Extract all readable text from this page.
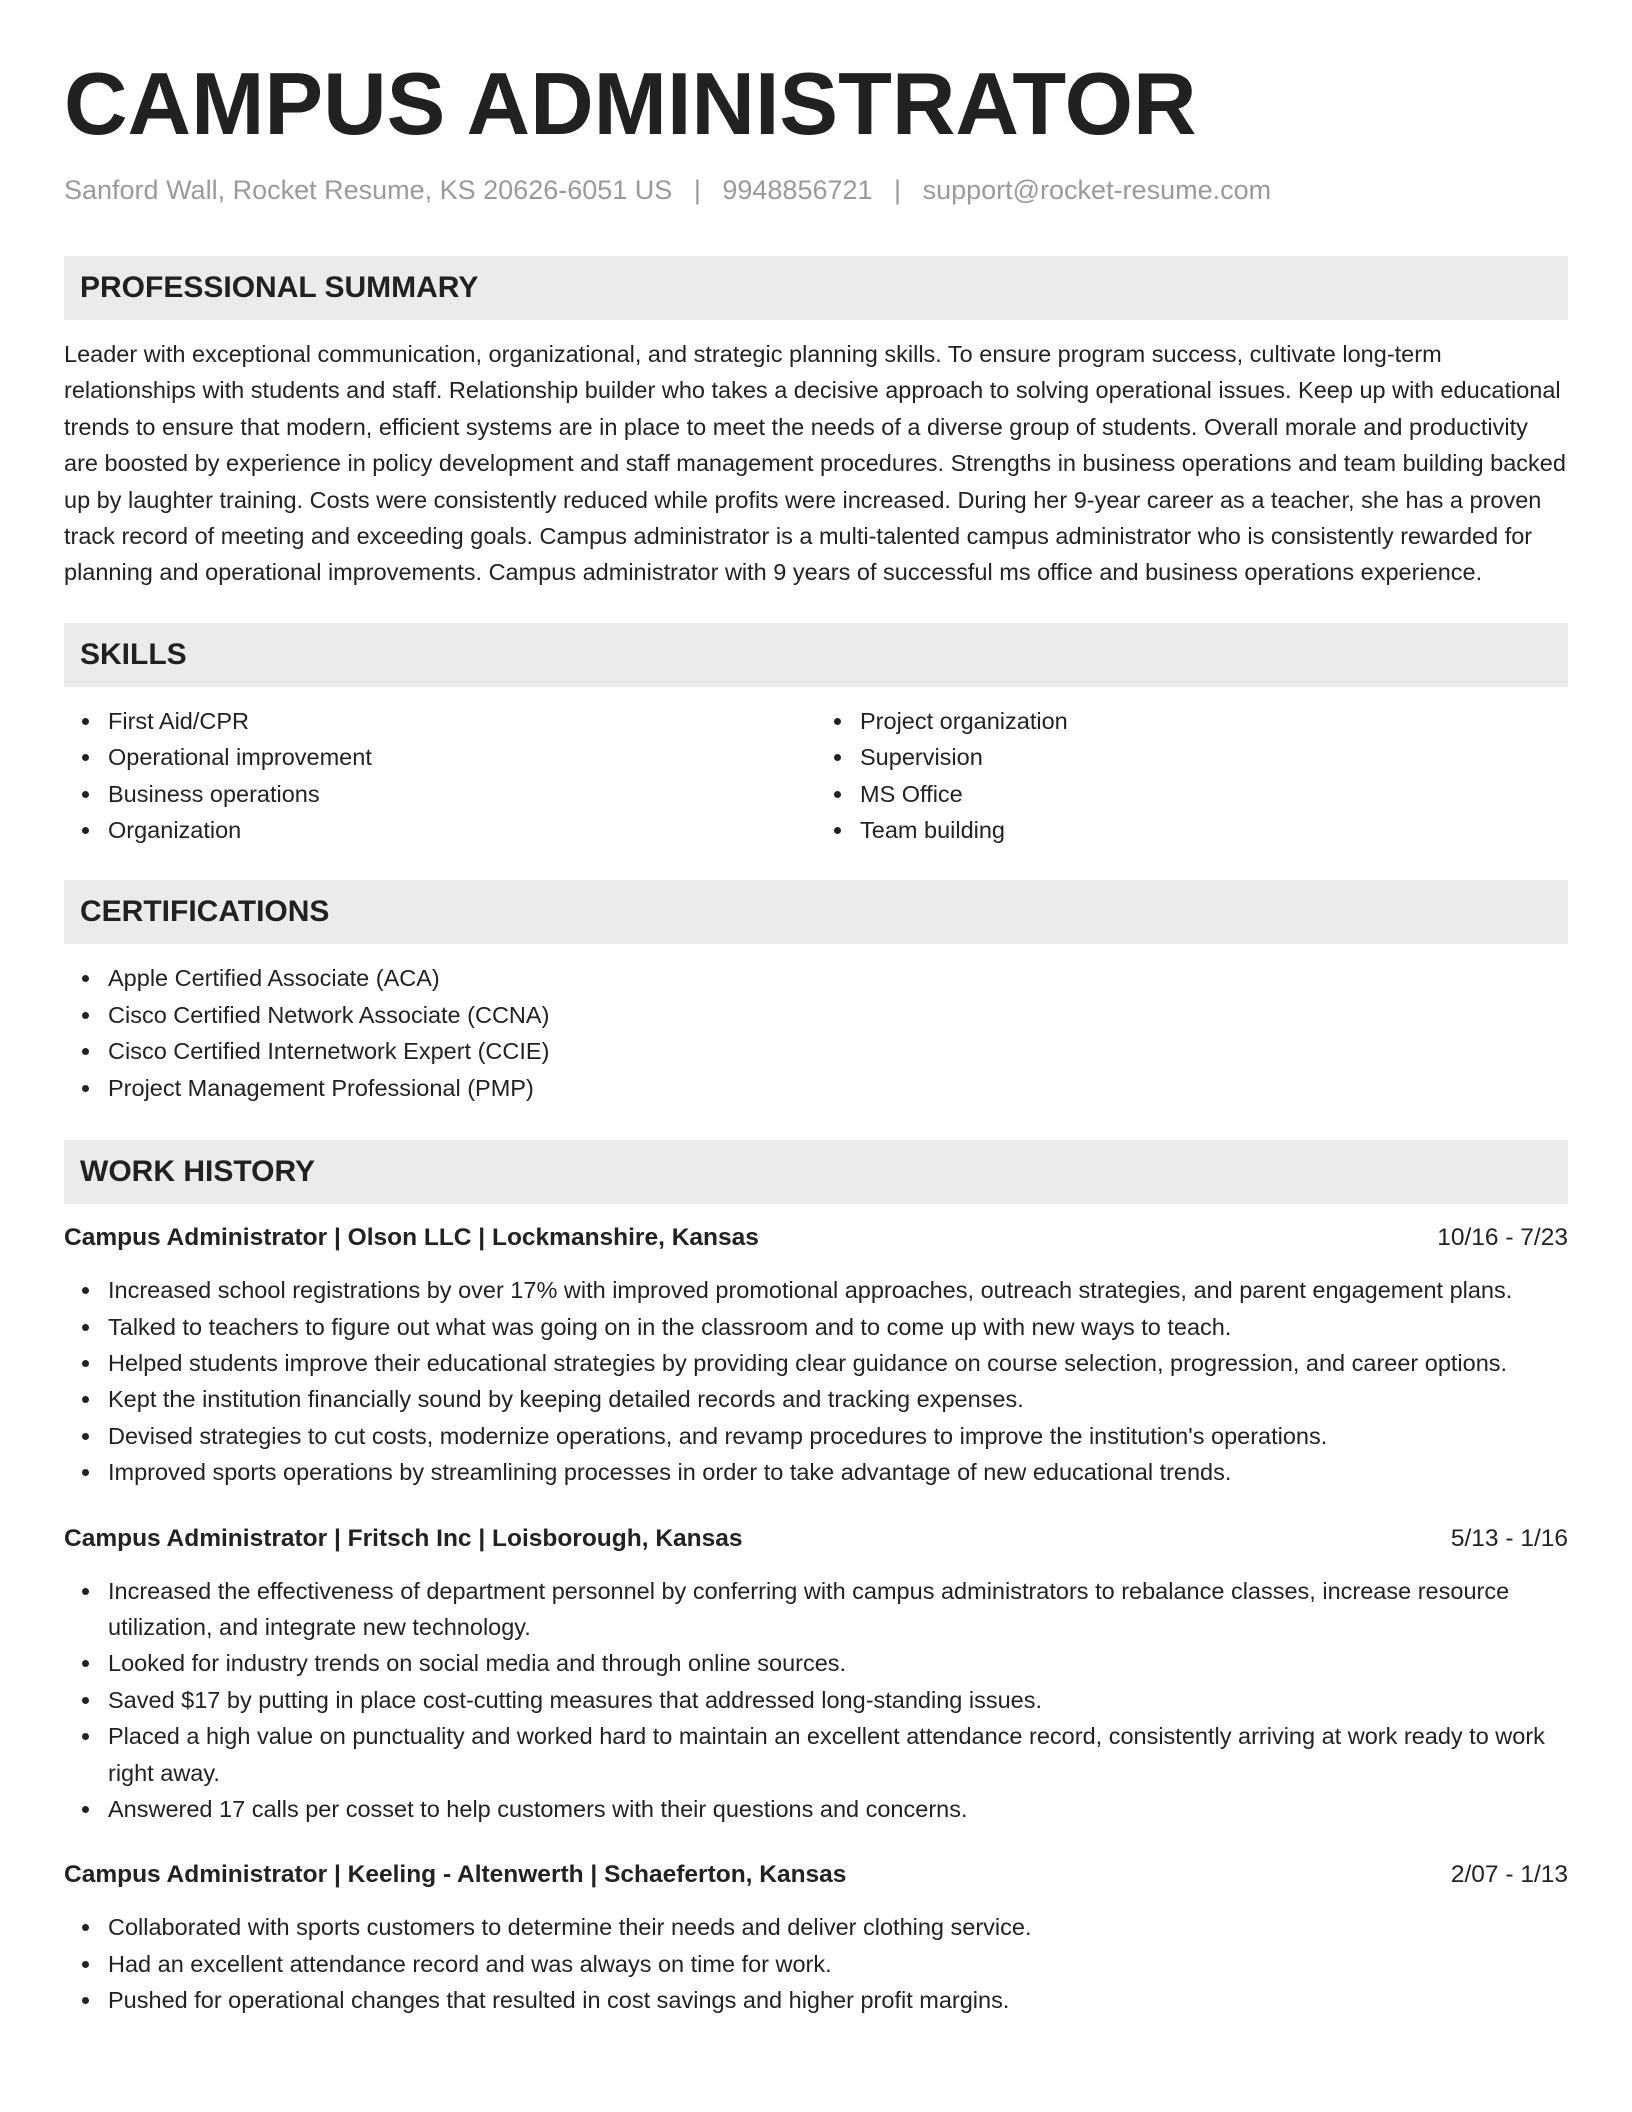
CAMPUS ADMINISTRATOR
Sanford Wall, Rocket Resume, KS 20626-6051 US | 9948856721 | support@rocket-resume.com
PROFESSIONAL SUMMARY

Leader with exceptional communication, organizational, and strategic planning skills. To ensure program success, cultivate long-term relationships with students and staff. Relationship builder who takes a decisive approach to solving operational issues. Keep up with educational trends to ensure that modern, efficient systems are in place to meet the needs of a diverse group of students. Overall morale and productivity are boosted by experience in policy development and staff management procedures. Strengths in business operations and team building backed up by laughter training. Costs were consistently reduced while profits were increased. During her 9-year career as a teacher, she has a proven track record of meeting and exceeding goals. Campus administrator is a multi-talented campus administrator who is consistently rewarded for planning and operational improvements. Campus administrator with 9 years of successful ms office and business operations experience.

SKILLS
First Aid/CPR
Operational improvement
Business operations
Organization
Project organization
Supervision
MS Office
Team building
CERTIFICATIONS
Apple Certified Associate (ACA)
Cisco Certified Network Associate (CCNA)
Cisco Certified Internetwork Expert (CCIE)
Project Management Professional (PMP)
WORK HISTORY
Campus Administrator | Olson LLC | Lockmanshire, Kansas	10/16 - 7/23
Increased school registrations by over 17% with improved promotional approaches, outreach strategies, and parent engagement plans.
Talked to teachers to figure out what was going on in the classroom and to come up with new ways to teach.
Helped students improve their educational strategies by providing clear guidance on course selection, progression, and career options.
Kept the institution financially sound by keeping detailed records and tracking expenses.
Devised strategies to cut costs, modernize operations, and revamp procedures to improve the institution's operations.
Improved sports operations by streamlining processes in order to take advantage of new educational trends.
Campus Administrator | Fritsch Inc | Loisborough, Kansas	5/13 - 1/16
Increased the effectiveness of department personnel by conferring with campus administrators to rebalance classes, increase resource utilization, and integrate new technology.
Looked for industry trends on social media and through online sources.
Saved $17 by putting in place cost-cutting measures that addressed long-standing issues.
Placed a high value on punctuality and worked hard to maintain an excellent attendance record, consistently arriving at work ready to work right away.
Answered 17 calls per cosset to help customers with their questions and concerns.
Campus Administrator | Keeling - Altenwerth | Schaeferton, Kansas	2/07 - 1/13
Collaborated with sports customers to determine their needs and deliver clothing service.
Had an excellent attendance record and was always on time for work.
Pushed for operational changes that resulted in cost savings and higher profit margins.
